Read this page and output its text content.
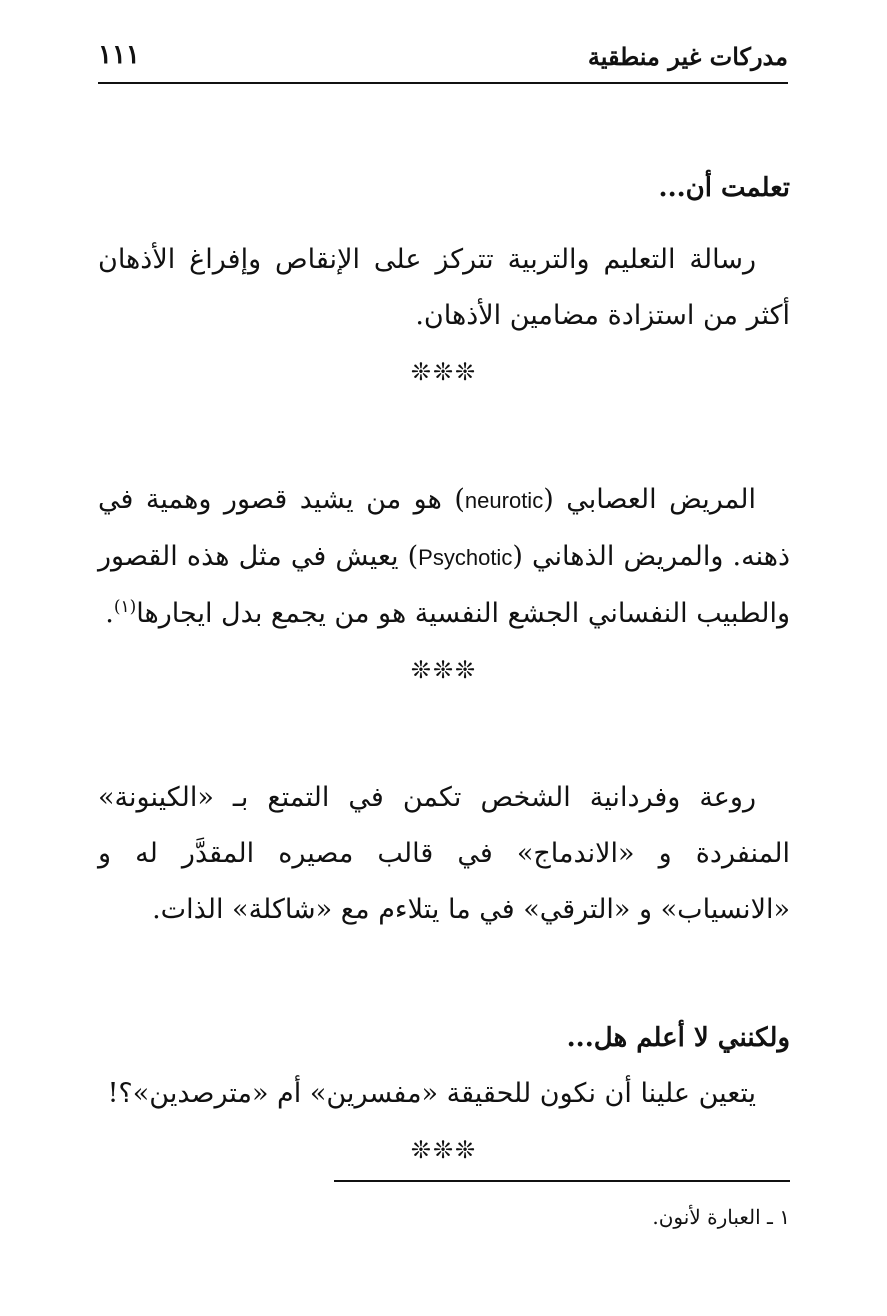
مدركات غير منطقية
١١١

تعلمت أن...

رسالة التعليم والتربية تتركز على الإنقاص وإفراغ الأذهان أكثر من استزادة مضامين الأذهان.

❊❊❊

المريض العصابي (neurotic) هو من يشيد قصور وهمية في ذهنه. والمريض الذهاني (Psychotic) يعيش في مثل هذه القصور والطبيب النفساني الجشع النفسية هو من يجمع بدل ايجارها$^{(١)}$.

❊❊❊

روعة وفردانية الشخص تكمن في التمتع بـ «الكينونة» المنفردة و «الاندماج» في قالب مصيره المقدَّر له و «الانسياب» و «الترقي» في ما يتلاءم مع «شاكلة» الذات.

ولكنني لا أعلم هل...

يتعين علينا أن نكون للحقيقة «مفسرين» أم «مترصدين»؟!

❊❊❊

١ ـ العبارة لأنون.
